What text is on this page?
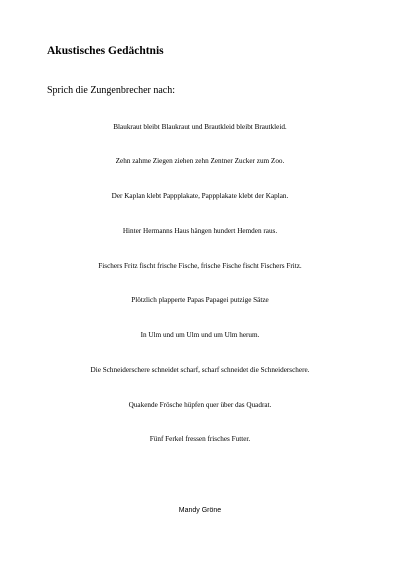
Akustisches Gedächtnis

Sprich die Zungenbrecher nach:

Blaukraut bleibt Blaukraut und Brautkleid bleibt Brautkleid.
Zehn zahme Ziegen ziehen zehn Zentner Zucker zum Zoo.
Der Kaplan klebt Pappplakate, Pappplakate klebt der Kaplan.
Hinter Hermanns Haus hängen hundert Hemden raus.
Fischers Fritz fischt frische Fische, frische Fische fischt Fischers Fritz.
Plötzlich plapperte Papas Papagei putzige Sätze
In Ulm und um Ulm und um Ulm herum.
Die Schneiderschere schneidet scharf, scharf schneidet die Schneiderschere.
Quakende Frösche hüpfen quer über das Quadrat.
Fünf Ferkel fressen frisches Futter.

Mandy Gröne
